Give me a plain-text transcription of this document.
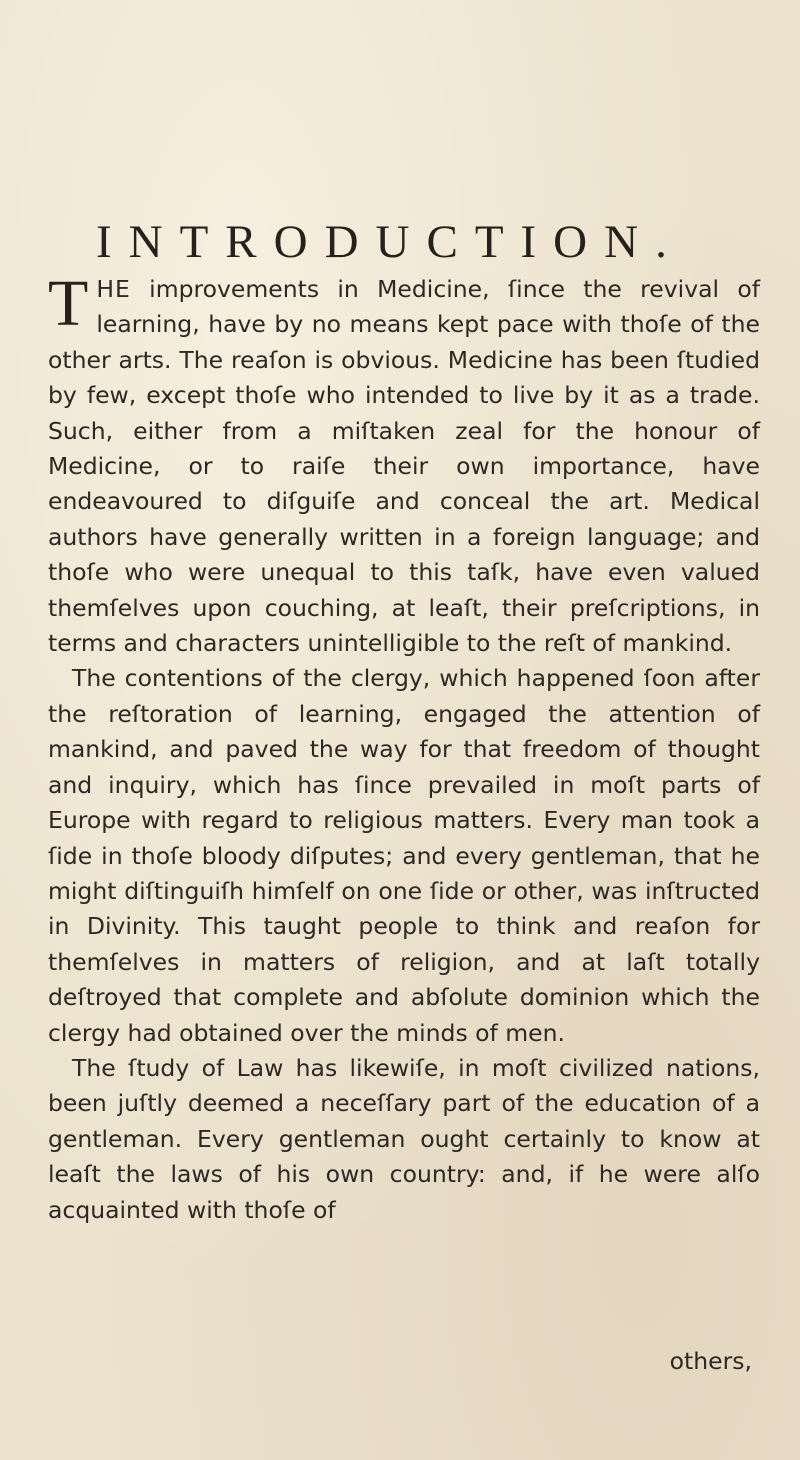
INTRODUCTION.

THE improvements in Medicine, ſince the revival of learning, have by no means kept pace with thoſe of the other arts. The reaſon is obvious. Medicine has been ſtudied by few, except thoſe who intended to live by it as a trade. Such, either from a miſtaken zeal for the honour of Medicine, or to raiſe their own importance, have endeavoured to diſguiſe and conceal the art. Medical authors have generally written in a foreign language; and thoſe who were unequal to this taſk, have even valued themſelves upon couching, at leaſt, their preſcriptions, in terms and characters unintelligible to the reſt of mankind.

The contentions of the clergy, which happened ſoon after the reſtoration of learning, engaged the attention of mankind, and paved the way for that freedom of thought and inquiry, which has ſince prevailed in moſt parts of Europe with regard to religious matters. Every man took a ſide in thoſe bloody diſputes; and every gentleman, that he might diſtinguiſh himſelf on one ſide or other, was inſtructed in Divinity. This taught people to think and reaſon for themſelves in matters of religion, and at laſt totally deſtroyed that complete and abſolute dominion which the clergy had obtained over the minds of men.

The ſtudy of Law has likewiſe, in moſt civilized nations, been juſtly deemed a neceſſary part of the education of a gentleman. Every gentleman ought certainly to know at leaſt the laws of his own country: and, if he were alſo acquainted with thoſe of

others,
